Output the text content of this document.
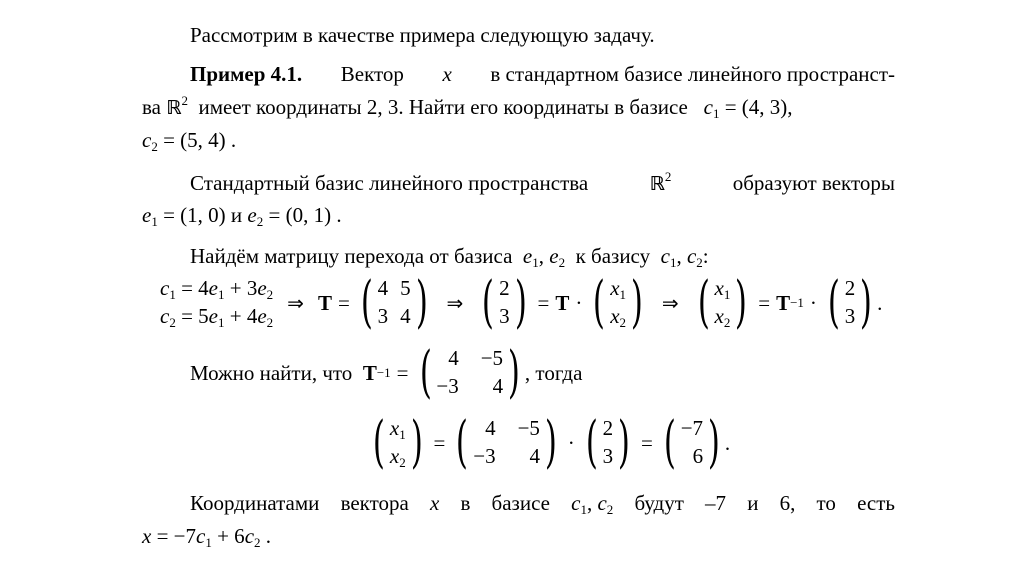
Рассмотрим в качестве примера следующую задачу.
Пример 4.1. Вектор x в стандартном базисе линейного пространст-
ва ℝ$^2$ имеет координаты 2, 3. Найти его координаты в базисе $c_1 = (4$, 3),
$c_2 = (5$, 4) .
Стандартный базис линейного пространства	ℝ$^2$	образуют векторы
$e_1 = (1$, 0) и $e_2 = (0$, 1) .
Найдём матрицу перехода от базиса $e_1$, $e_2$ к базису $c_1$, $c_2$:
$c_1 = 4e_1 + 3e_2$
$c_2 = 5e_1 + 4e_2$
⇒ T = ( 4 5
3 4 ) ⇒ ( 2
3 ) = T · ( $x_1$
$x_2$ ) ⇒ ( $x_1$
$x_2$ ) = T −1 · ( 2
3 ) .
Можно найти, что
T −1 = ( 4 −5
−3	4 ) , тогда
( $x_1$
$x_2$ ) = ( 4 −5
−3	4 ) · ( 2
3 ) = ( −7
6 ) .
Координатами вектора x в базисе $c_1$, $c_2$ будут –7 и 6, то есть
$x = -7c_1 + 6c_2$ .
